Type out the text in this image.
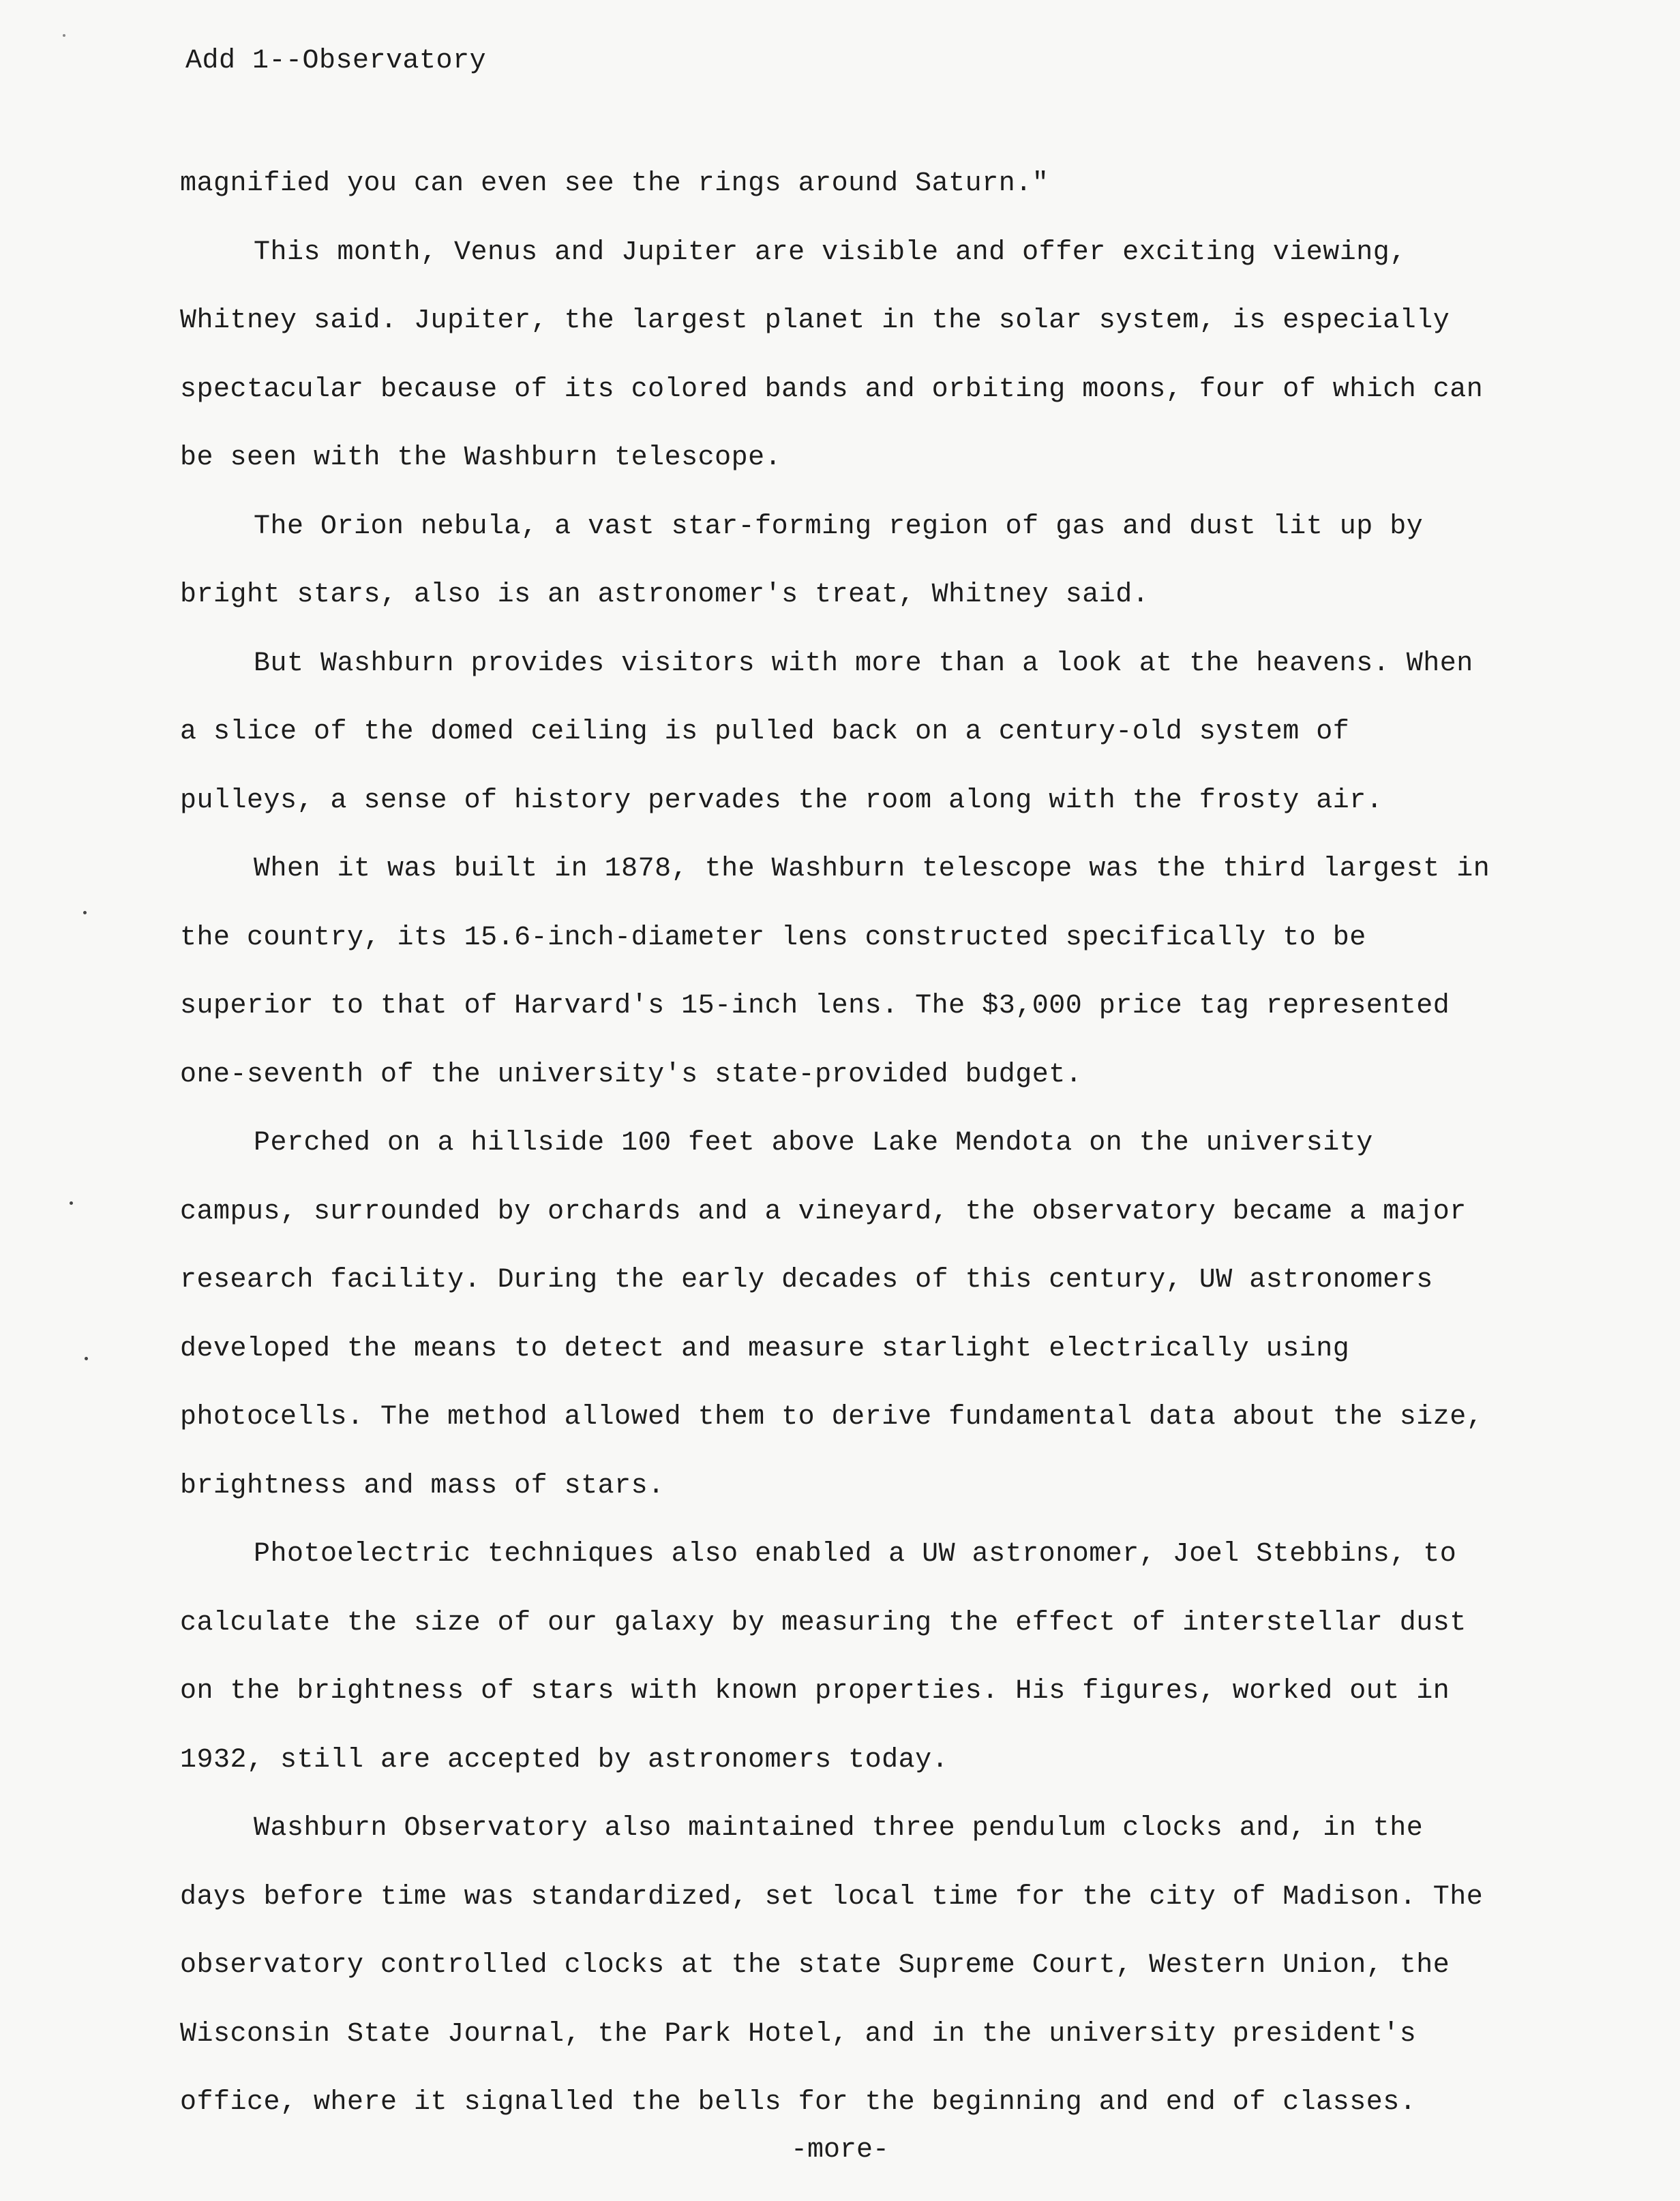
Add 1--Observatory
magnified you can even see the rings around Saturn."
This month, Venus and Jupiter are visible and offer exciting viewing,
Whitney said. Jupiter, the largest planet in the solar system, is especially
spectacular because of its colored bands and orbiting moons, four of which can
be seen with the Washburn telescope.
The Orion nebula, a vast star-forming region of gas and dust lit up by
bright stars, also is an astronomer's treat, Whitney said.
But Washburn provides visitors with more than a look at the heavens. When
a slice of the domed ceiling is pulled back on a century-old system of
pulleys, a sense of history pervades the room along with the frosty air.
When it was built in 1878, the Washburn telescope was the third largest in
the country, its 15.6-inch-diameter lens constructed specifically to be
superior to that of Harvard's 15-inch lens. The $3,000 price tag represented
one-seventh of the university's state-provided budget.
Perched on a hillside 100 feet above Lake Mendota on the university
campus, surrounded by orchards and a vineyard, the observatory became a major
research facility. During the early decades of this century, UW astronomers
developed the means to detect and measure starlight electrically using
photocells. The method allowed them to derive fundamental data about the size,
brightness and mass of stars.
Photoelectric techniques also enabled a UW astronomer, Joel Stebbins, to
calculate the size of our galaxy by measuring the effect of interstellar dust
on the brightness of stars with known properties. His figures, worked out in
1932, still are accepted by astronomers today.
Washburn Observatory also maintained three pendulum clocks and, in the
days before time was standardized, set local time for the city of Madison. The
observatory controlled clocks at the state Supreme Court, Western Union, the
Wisconsin State Journal, the Park Hotel, and in the university president's
office, where it signalled the bells for the beginning and end of classes.
-more-
